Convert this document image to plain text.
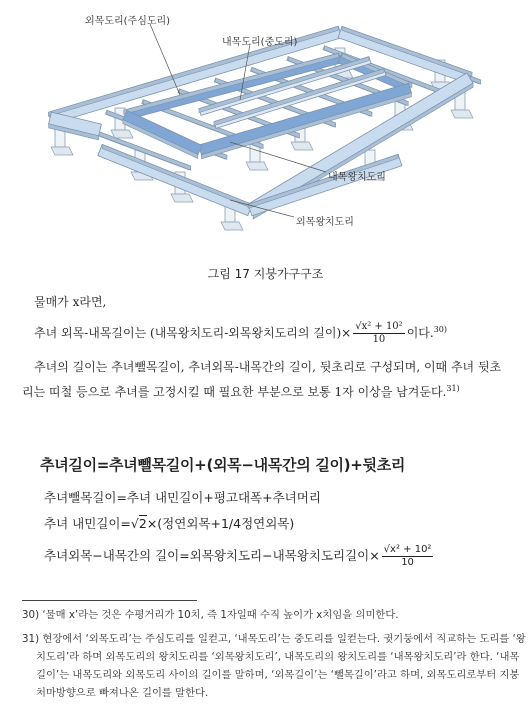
외목도리(주심도리)
내목도리(중도리)
내목왕치도리
외목왕치도리
그림 17 지붕가구구조
물매가 x라면,
추녀 외목-내목길이는 (내목왕치도리-외목왕치도리의 길이)× $\frac{\text{√x² + 10²}}{10}$ 이다.$^{30)}$
추녀의 길이는 추녀뺄목길이, 추녀외목-내목간의 길이, 뒷초리로 구성되며, 이때 추녀 뒷초리는 띠철 등으로 추녀를 고정시킬 때 필요한 부분으로 보통 1자 이상을 남겨둔다.$^{31)}$
추녀길이=추녀뺄목길이+(외목−내목간의 길이)+뒷초리
추녀뺄목길이=추녀 내민길이+평고대폭+추녀머리
추녀 내민길이=√2×(정연외목+1/4정연외목)
추녀외목−내목간의 길이=외목왕치도리−내목왕치도리길이× $\frac{\text{√x² + 10²}}{10}$
30) ‘물매 x’라는 것은 수평거리가 10치, 즉 1자일때 수직 높이가 x치임을 의미한다.
31) 현장에서 ‘외목도리’는 주심도리를 일컫고, ‘내목도리’는 중도리를 일컫는다. 귓기둥에서 직교하는 도리를 ‘왕치도리’라 하며 외목도리의 왕치도리를 ‘외목왕치도리’, 내목도리의 왕치도리를 ‘내목왕치도리’라 한다. ‘내목길이’는 내목도리와 외목도리 사이의 길이를 말하며, ‘외목길이’는 ‘뺄목길이’라고 하며, 외목도리로부터 지붕처마방향으로 빠져나온 길이를 말한다.
